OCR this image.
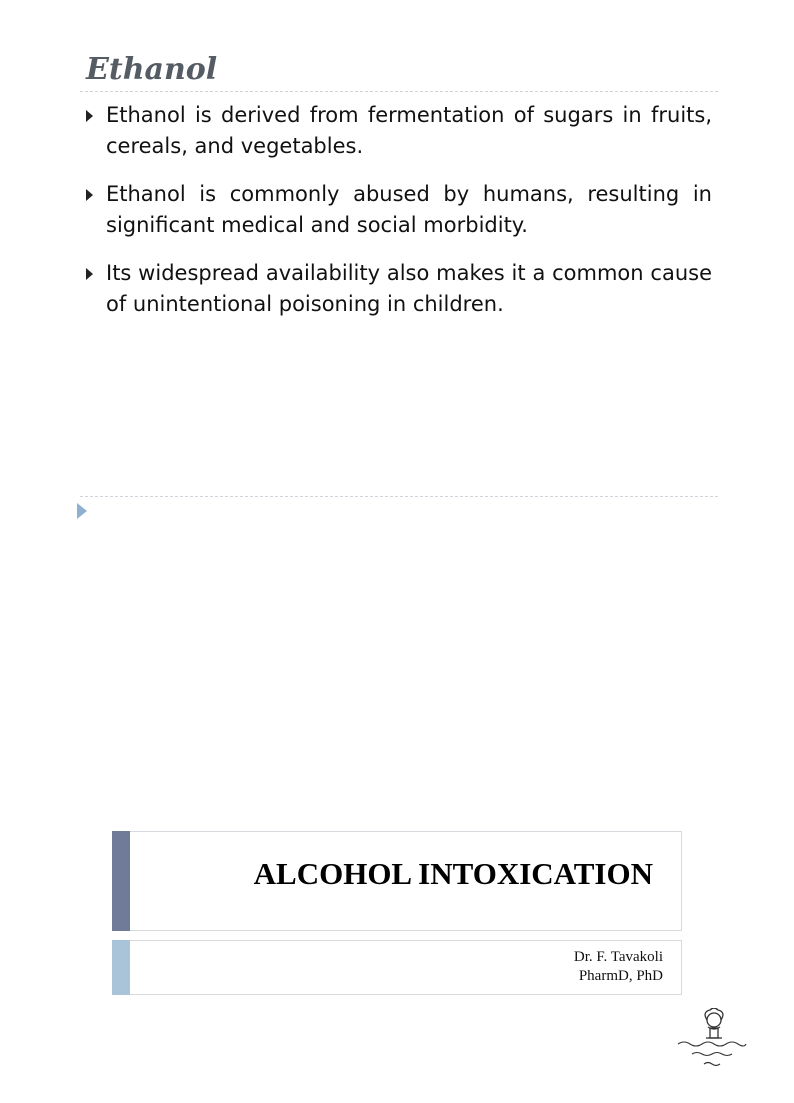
Ethanol
Ethanol is derived from fermentation of sugars in fruits, cereals, and vegetables.
Ethanol is commonly abused by humans, resulting in significant medical and social morbidity.
Its widespread availability also makes it a common cause of unintentional poisoning in children.
ALCOHOL INTOXICATION
Dr. F. Tavakoli
PharmD, PhD
